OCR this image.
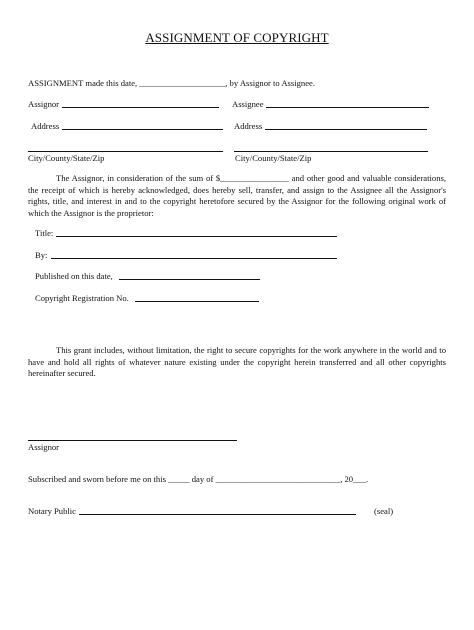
ASSIGNMENT OF COPYRIGHT
ASSIGNMENT made this date, ____________________, by Assignor to Assignee.
Assignor	Assignee
Address	Address
City/County/State/Zip	City/County/State/Zip

The Assignor, in consideration of the sum of $________________ and other good and valuable considerations, the receipt of which is hereby acknowledged, does hereby sell, transfer, and assign to the Assignee all the Assignor's rights, title, and interest in and to the copyright heretofore secured by the Assignor for the following original work of which the Assignor is the proprietor:

Title:
By:
Published on this date,
Copyright Registration No.

This grant includes, without limitation, the right to secure copyrights for the work anywhere in the world and to have and hold all rights of whatever nature existing under the copyright herein transferred and all other copyrights hereinafter secured.

Assignor
Subscribed and sworn before me on this _____ day of _____________________________, 20___.
Notary Public	(seal)
